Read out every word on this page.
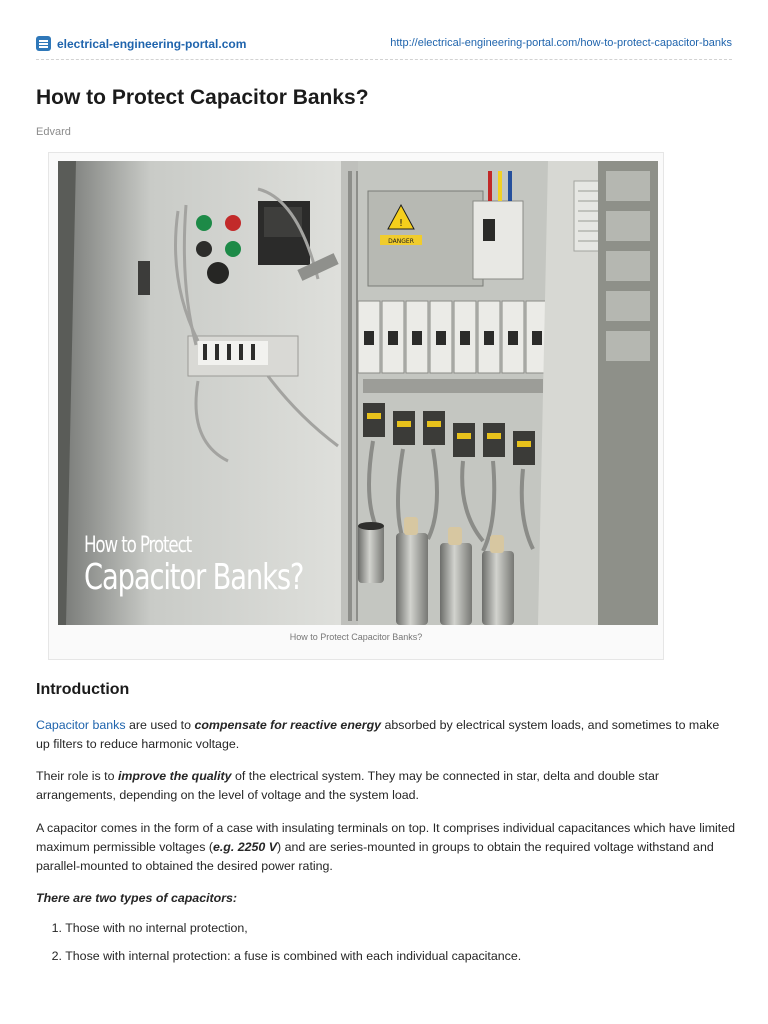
electrical-engineering-portal.com	http://electrical-engineering-portal.com/how-to-protect-capacitor-banks
How to Protect Capacitor Banks?
Edvard
!
DANGER
How to Protect
Capacitor Banks?
How to Protect Capacitor Banks?
Introduction

Capacitor banks are used to compensate for reactive energy absorbed by electrical system loads, and sometimes to make up filters to reduce harmonic voltage.

Their role is to improve the quality of the electrical system. They may be connected in star, delta and double star arrangements, depending on the level of voltage and the system load.

A capacitor comes in the form of a case with insulating terminals on top. It comprises individual capacitances which have limited maximum permissible voltages (e.g. 2250 V) and are series-mounted in groups to obtain the required voltage withstand and parallel-mounted to obtained the desired power rating.

There are two types of capacitors:

1. Those with no internal protection,
2. Those with internal protection: a fuse is combined with each individual capacitance.
